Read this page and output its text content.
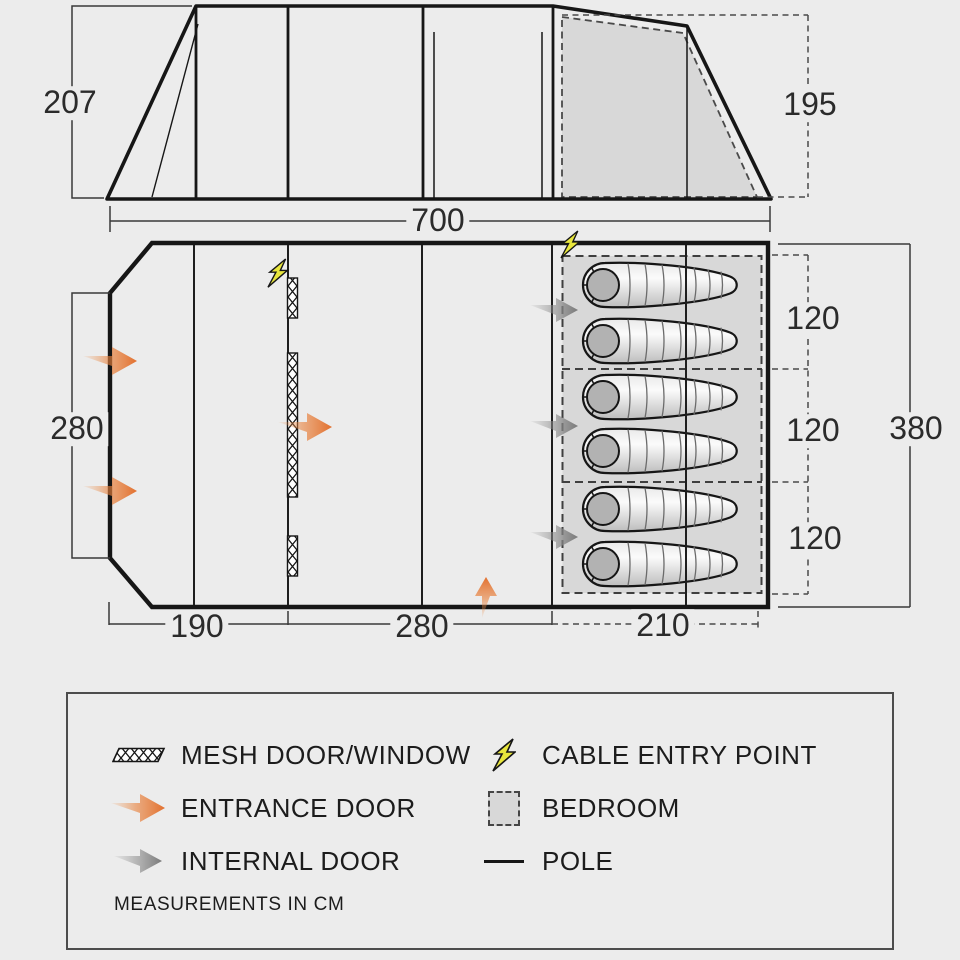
207	195
700
280	380
120
120
120
190	280	210
MESH DOOR/WINDOW
ENTRANCE DOOR
INTERNAL DOOR
CABLE ENTRY POINT
BEDROOM
POLE
MEASUREMENTS IN CM
